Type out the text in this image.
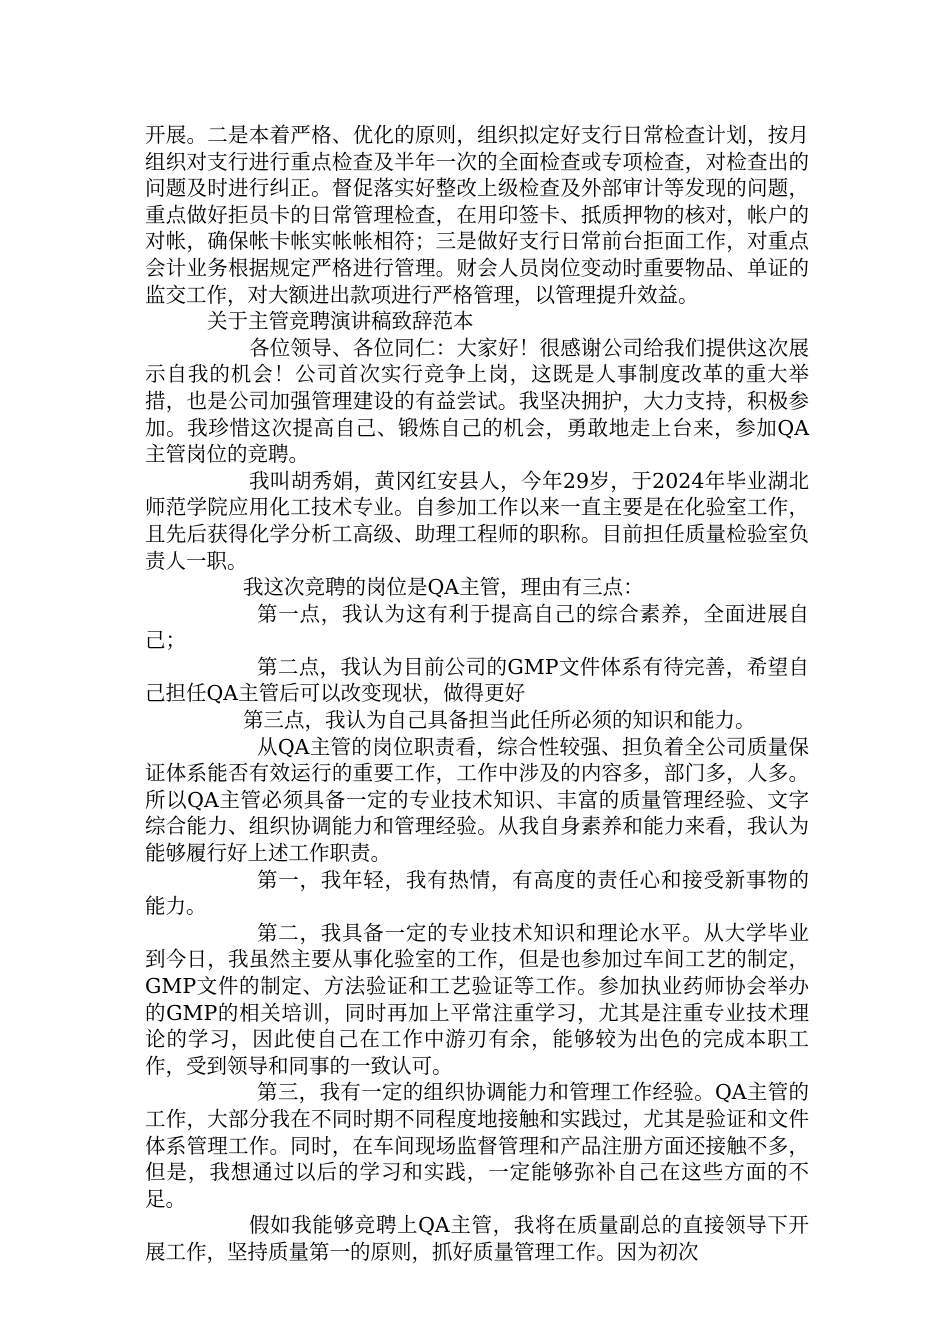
开展。二是本着严格、优化的原则，组织拟定好支行日常检查计划，按月组织对支行进行重点检查及半年一次的全面检查或专项检查，对检查出的问题及时进行纠正。督促落实好整改上级检查及外部审计等发现的问题，重点做好拒员卡的日常管理检查，在用印签卡、抵质押物的核对，帐户的对帐，确保帐卡帐实帐帐相符；三是做好支行日常前台拒面工作，对重点会计业务根据规定严格进行管理。财会人员岗位变动时重要物品、单证的监交工作，对大额进出款项进行严格管理，以管理提升效益。

关于主管竞聘演讲稿致辞范本

各位领导、各位同仁：大家好！很感谢公司给我们提供这次展示自我的机会！公司首次实行竞争上岗，这既是人事制度改革的重大举措，也是公司加强管理建设的有益尝试。我坚决拥护，大力支持，积极参加。我珍惜这次提高自己、锻炼自己的机会，勇敢地走上台来，参加QA主管岗位的竞聘。

我叫胡秀娟，黄冈红安县人，今年29岁，于2024年毕业湖北师范学院应用化工技术专业。自参加工作以来一直主要是在化验室工作，且先后获得化学分析工高级、助理工程师的职称。目前担任质量检验室负责人一职。

我这次竞聘的岗位是QA主管，理由有三点：

第一点，我认为这有利于提高自己的综合素养，全面进展自己；

第二点，我认为目前公司的GMP文件体系有待完善，希望自己担任QA主管后可以改变现状，做得更好

第三点，我认为自己具备担当此任所必须的知识和能力。

从QA主管的岗位职责看，综合性较强、担负着全公司质量保证体系能否有效运行的重要工作，工作中涉及的内容多，部门多，人多。所以QA主管必须具备一定的专业技术知识、丰富的质量管理经验、文字综合能力、组织协调能力和管理经验。从我自身素养和能力来看，我认为能够履行好上述工作职责。

第一，我年轻，我有热情，有高度的责任心和接受新事物的能力。

第二，我具备一定的专业技术知识和理论水平。从大学毕业到今日，我虽然主要从事化验室的工作，但是也参加过车间工艺的制定，GMP文件的制定、方法验证和工艺验证等工作。参加执业药师协会举办的GMP的相关培训，同时再加上平常注重学习，尤其是注重专业技术理论的学习，因此使自己在工作中游刃有余，能够较为出色的完成本职工作，受到领导和同事的一致认可。

第三，我有一定的组织协调能力和管理工作经验。QA主管的工作，大部分我在不同时期不同程度地接触和实践过，尤其是验证和文件体系管理工作。同时，在车间现场监督管理和产品注册方面还接触不多，但是，我想通过以后的学习和实践，一定能够弥补自己在这些方面的不足。

假如我能够竞聘上QA主管，我将在质量副总的直接领导下开展工作，坚持质量第一的原则，抓好质量管理工作。因为初次
